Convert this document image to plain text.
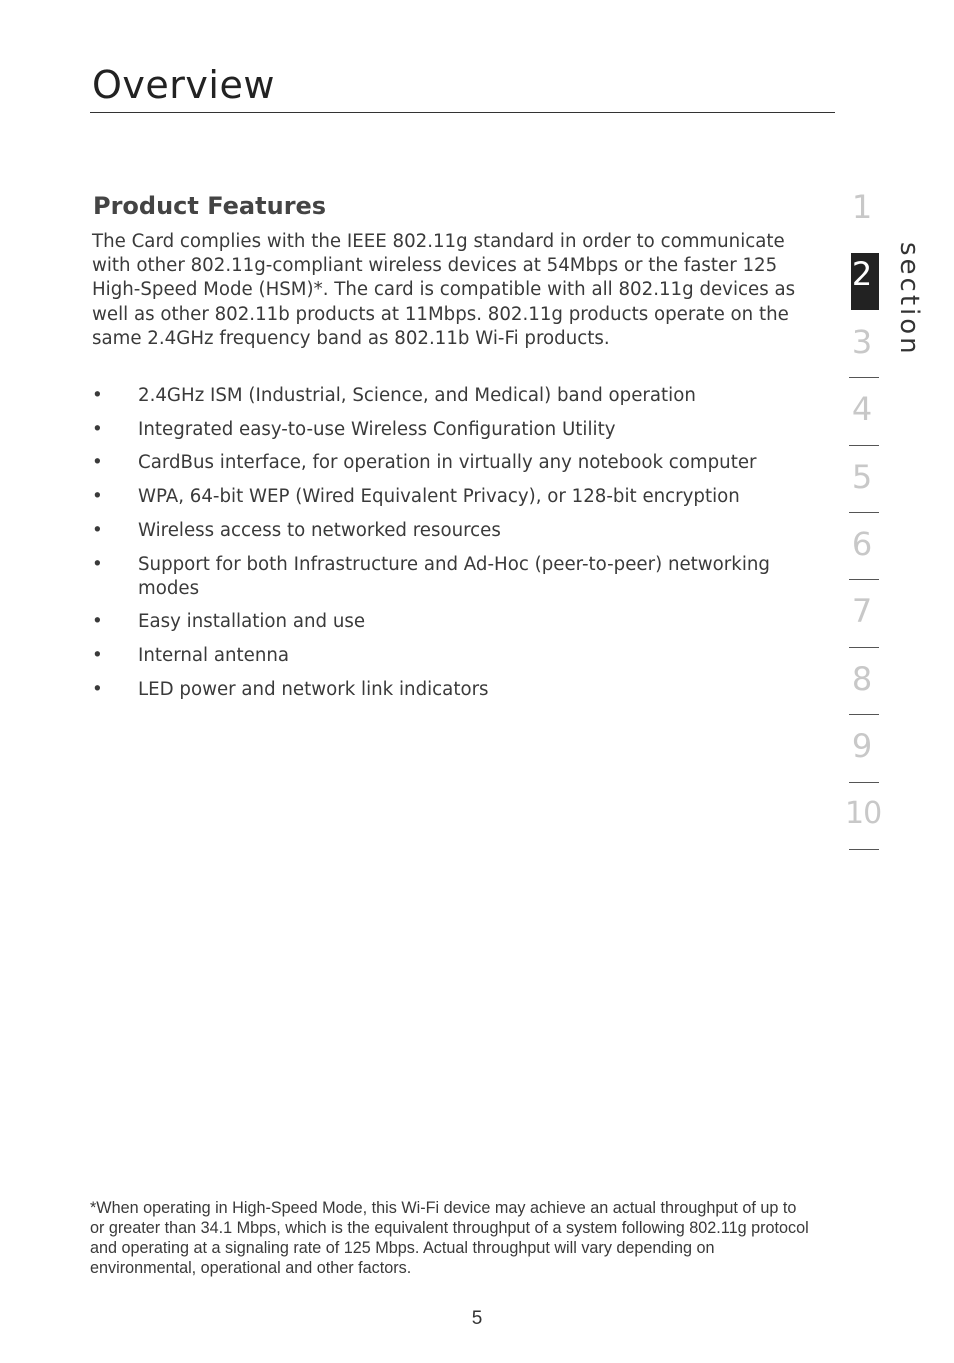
Overview
Product Features

The Card complies with the IEEE 802.11g standard in order to communicate with other 802.11g-compliant wireless devices at 54Mbps or the faster 125 High-Speed Mode (HSM)*. The card is compatible with all 802.11g devices as well as other 802.11b products at 11Mbps. 802.11g products operate on the same 2.4GHz frequency band as 802.11b Wi-Fi products.

•	2.4GHz ISM (Industrial, Science, and Medical) band operation
•	Integrated easy-to-use Wireless Configuration Utility
•	CardBus interface, for operation in virtually any notebook computer
•	WPA, 64-bit WEP (Wired Equivalent Privacy), or 128-bit encryption
•	Wireless access to networked resources
•	Support for both Infrastructure and Ad-Hoc (peer-to-peer) networking modes
•	Easy installation and use
•	Internal antenna
•	LED power and network link indicators
1
2
3
4
5
6
7
8
9
10
section

*When operating in High-Speed Mode, this Wi-Fi device may achieve an actual throughput of up to or greater than 34.1 Mbps, which is the equivalent throughput of a system following 802.11g protocol and operating at a signaling rate of 125 Mbps. Actual throughput will vary depending on environmental, operational and other factors.

5
